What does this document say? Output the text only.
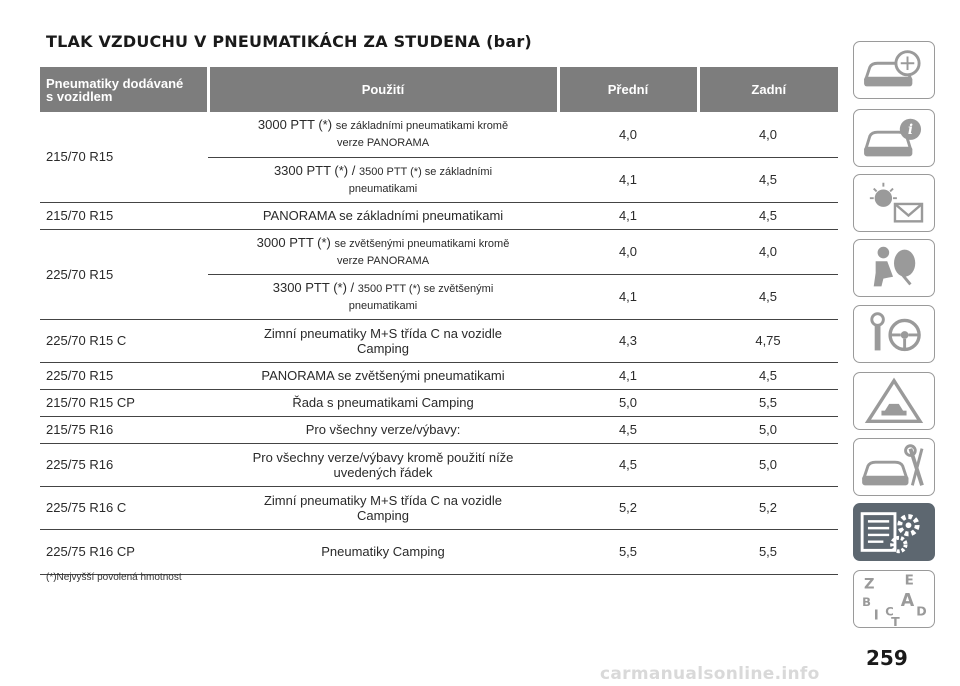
TLAK VZDUCHU V PNEUMATIKÁCH ZA STUDENA (bar)
Pneumatiky dodávané
s vozidlem	Použití	Přední	Zadní
215/70 R15	3000 PTT (*) se základními pneumatikami kromě
verze PANORAMA	4,0	4,0
	3300 PTT (*) / 3500 PTT (*) se základními
pneumatikami	4,1	4,5
215/70 R15	PANORAMA se základními pneumatikami	4,1	4,5
225/70 R15	3000 PTT (*) se zvětšenými pneumatikami kromě
verze PANORAMA	4,0	4,0
	3300 PTT (*) / 3500 PTT (*) se zvětšenými
pneumatikami	4,1	4,5
225/70 R15 C	Zimní pneumatiky M+S třída C na vozidle
Camping	4,3	4,75
225/70 R15	PANORAMA se zvětšenými pneumatikami	4,1	4,5
215/70 R15 CP	Řada s pneumatikami Camping	5,0	5,5
215/75 R16	Pro všechny verze/výbavy:	4,5	5,0
225/75 R16	Pro všechny verze/výbavy kromě použití níže
uvedených řádek	4,5	5,0
225/75 R16 C	Zimní pneumatiky M+S třída C na vozidle
Camping	5,2	5,2
225/75 R16 CP	Pneumatiky Camping	5,5	5,5
(*)Nejvyšší povolená hmotnost
i
Z E
B A
I C D
T
carmanualsonline.info
259
